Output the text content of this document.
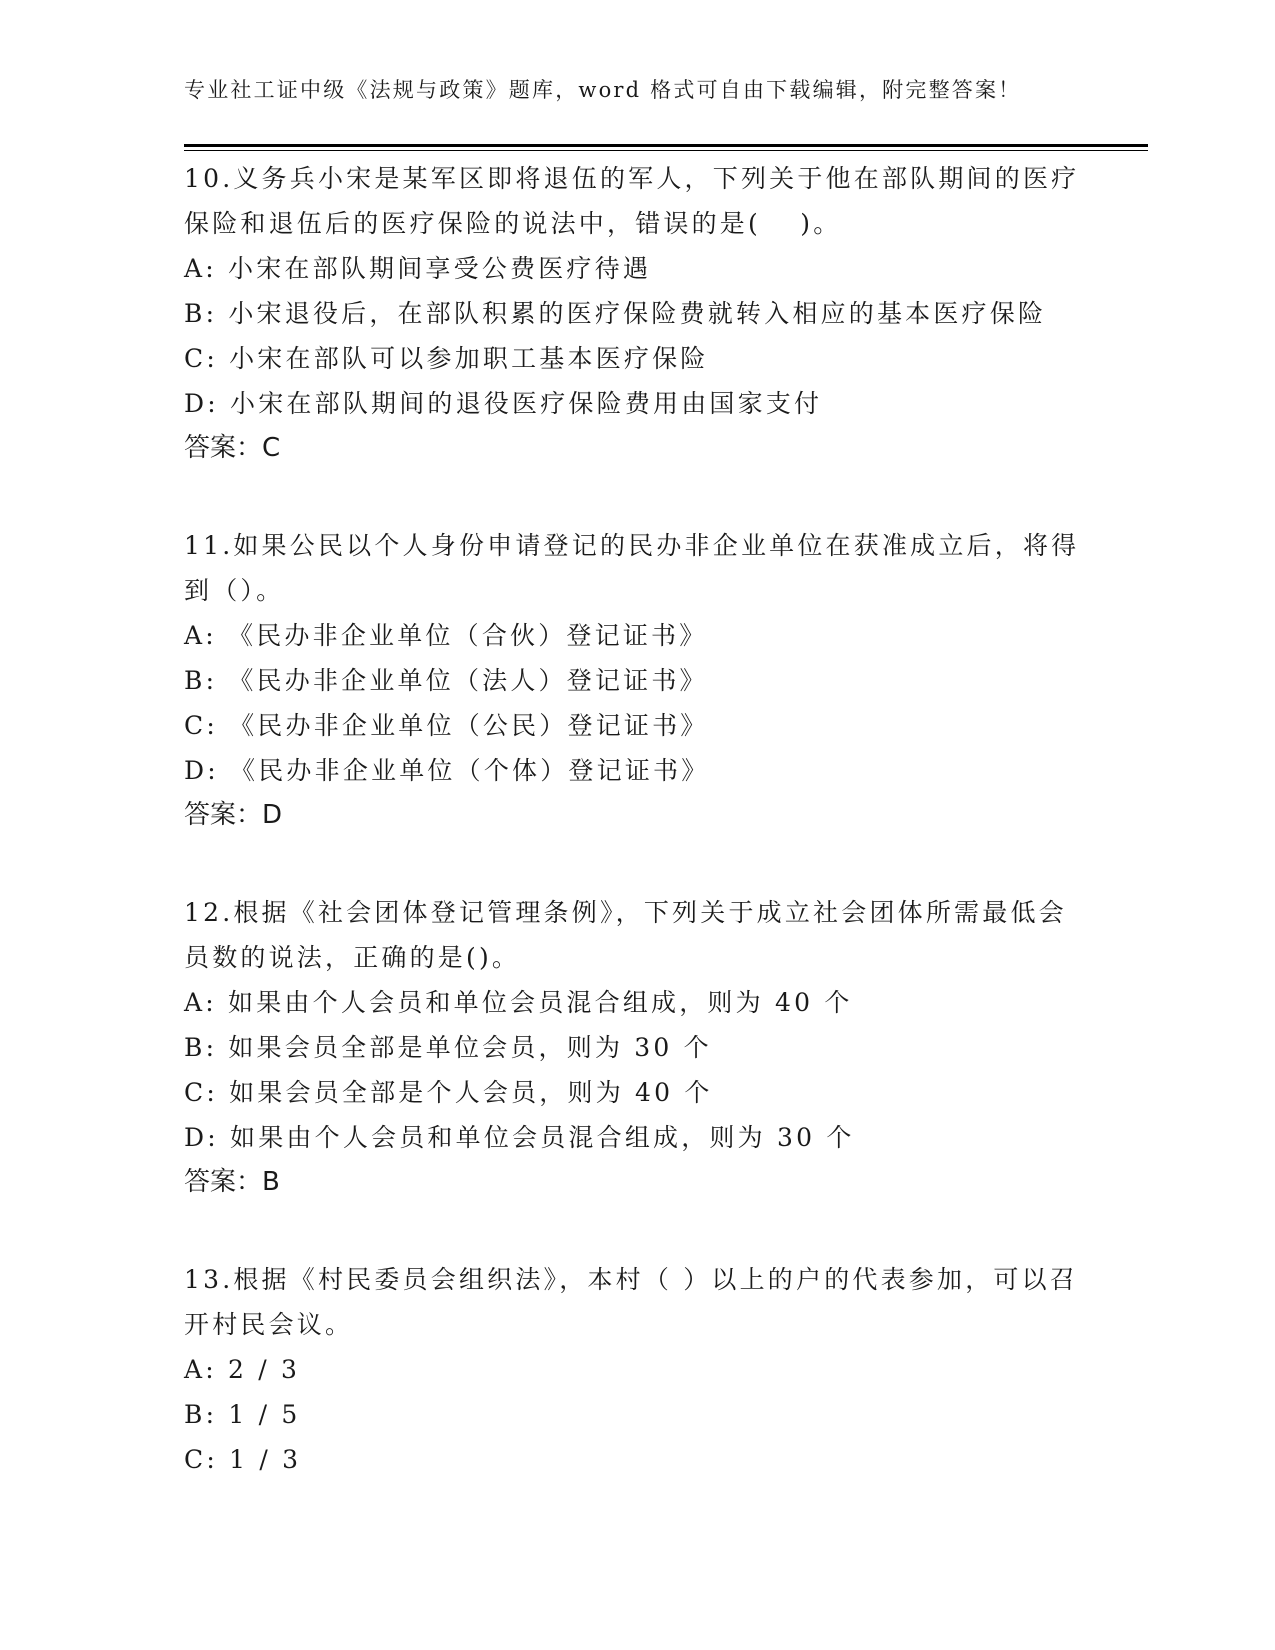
专业社工证中级《法规与政策》题库，word 格式可自由下载编辑，附完整答案！

10.义务兵小宋是某军区即将退伍的军人，下列关于他在部队期间的医疗保险和退伍后的医疗保险的说法中，错误的是(　 )。

A: 小宋在部队期间享受公费医疗待遇

B: 小宋退役后，在部队积累的医疗保险费就转入相应的基本医疗保险

C: 小宋在部队可以参加职工基本医疗保险

D: 小宋在部队期间的退役医疗保险费用由国家支付

答案：C

11.如果公民以个人身份申请登记的民办非企业单位在获准成立后，将得到（）。

A: 《民办非企业单位（合伙）登记证书》

B: 《民办非企业单位（法人）登记证书》

C: 《民办非企业单位（公民）登记证书》

D: 《民办非企业单位（个体）登记证书》

答案：D

12.根据《社会团体登记管理条例》，下列关于成立社会团体所需最低会员数的说法，正确的是()。

A: 如果由个人会员和单位会员混合组成，则为 40 个

B: 如果会员全部是单位会员，则为 30 个

C: 如果会员全部是个人会员，则为 40 个

D: 如果由个人会员和单位会员混合组成，则为 30 个

答案：B

13.根据《村民委员会组织法》，本村（ ）以上的户的代表参加，可以召开村民会议。

A: 2 / 3

B: 1 / 5

C: 1 / 3
